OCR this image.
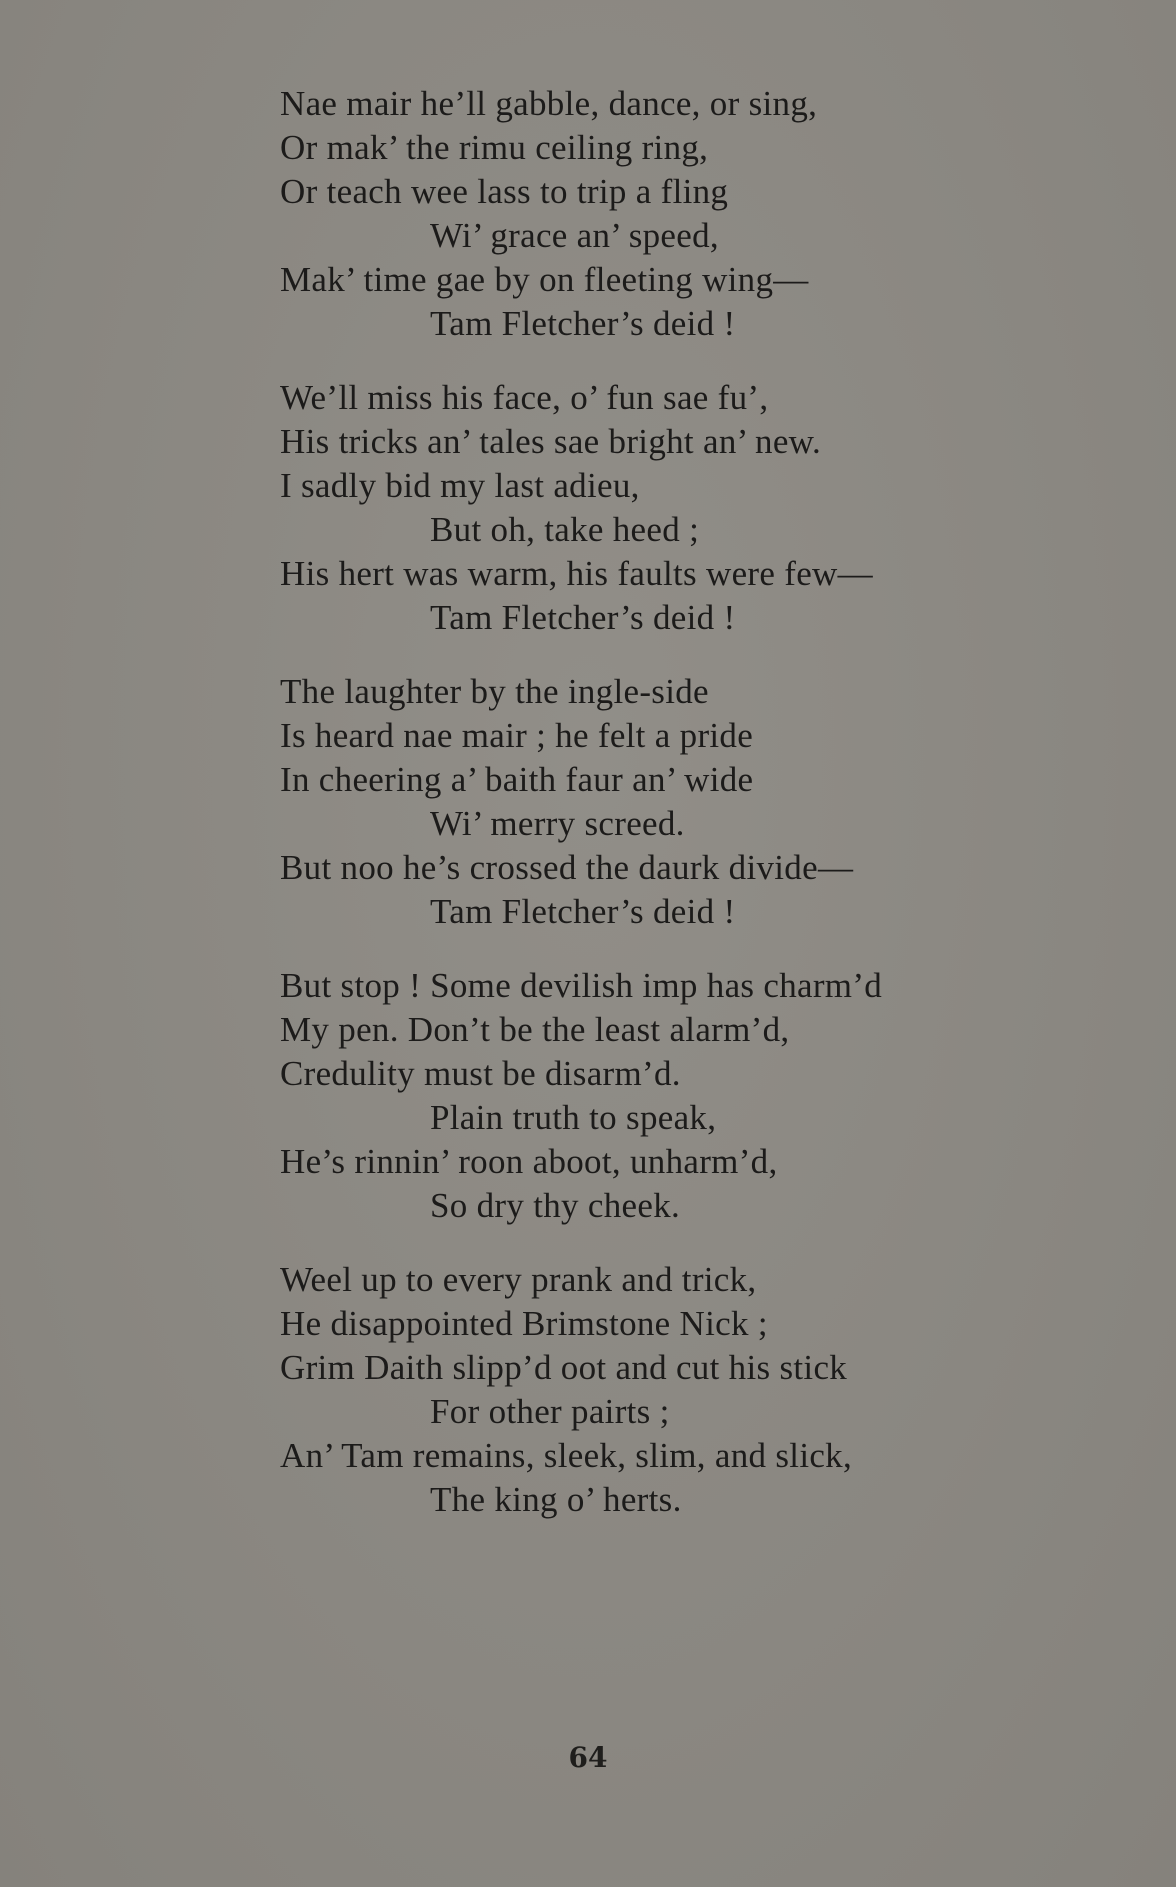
Nae mair he’ll gabble, dance, or sing,
Or mak’ the rimu ceiling ring,
Or teach wee lass to trip a fling
Wi’ grace an’ speed,
Mak’ time gae by on fleeting wing—
Tam Fletcher’s deid !
We’ll miss his face, o’ fun sae fu’,
His tricks an’ tales sae bright an’ new.
I sadly bid my last adieu,
But oh, take heed ;
His hert was warm, his faults were few—
Tam Fletcher’s deid !
The laughter by the ingle-side
Is heard nae mair ; he felt a pride
In cheering a’ baith faur an’ wide
Wi’ merry screed.
But noo he’s crossed the daurk divide—
Tam Fletcher’s deid !
But stop ! Some devilish imp has charm’d
My pen. Don’t be the least alarm’d,
Credulity must be disarm’d.
Plain truth to speak,
He’s rinnin’ roon aboot, unharm’d,
So dry thy cheek.
Weel up to every prank and trick,
He disappointed Brimstone Nick ;
Grim Daith slipp’d oot and cut his stick
For other pairts ;
An’ Tam remains, sleek, slim, and slick,
The king o’ herts.
64
